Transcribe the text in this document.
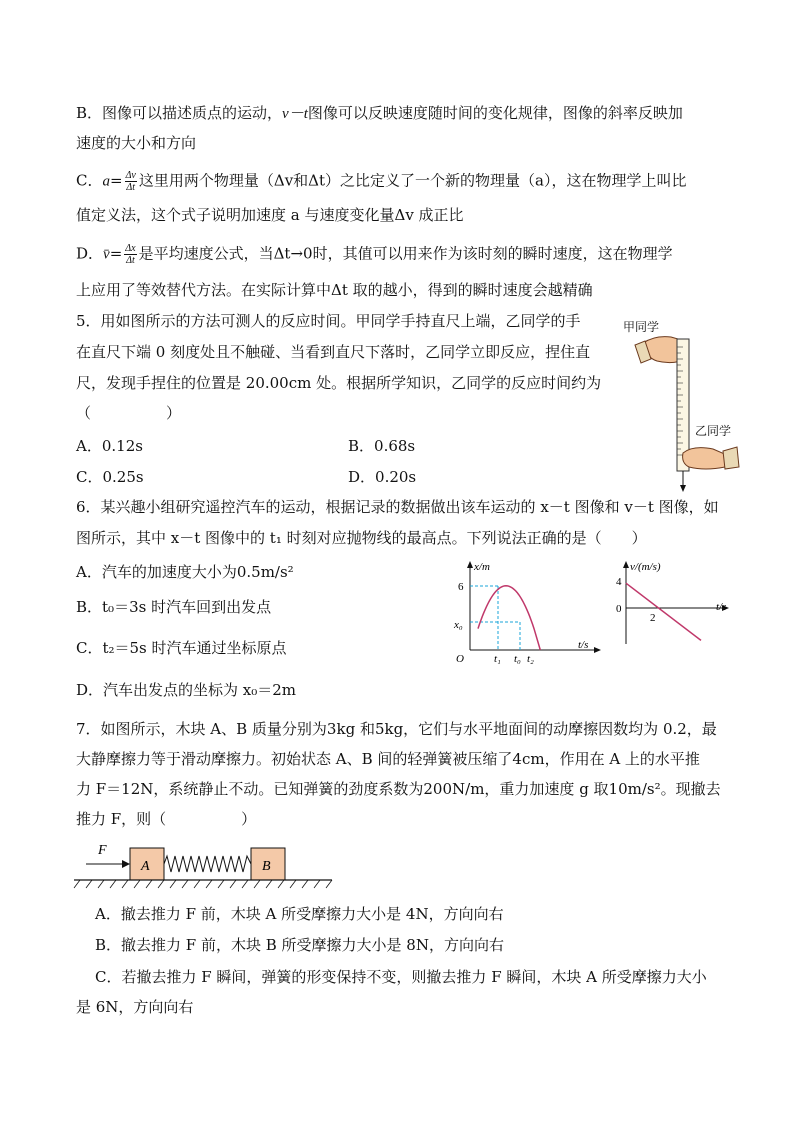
B．图像可以描述质点的运动，v－t图像可以反映速度随时间的变化规律，图像的斜率反映加
速度的大小和方向
C．$a= \frac{\Delta v}{\Delta t}$ 这里用两个物理量（Δv和Δt）之比定义了一个新的物理量（a），这在物理学上叫比
值定义法，这个式子说明加速度 a 与速度变化量Δv 成正比
D．v̄= $\frac{\Delta x}{\Delta t}$ 是平均速度公式，当Δt→0时，其值可以用来作为该时刻的瞬时速度，这在物理学
上应用了等效替代方法。在实际计算中Δt 取的越小，得到的瞬时速度会越精确
5．用如图所示的方法可测人的反应时间。甲同学手持直尺上端，乙同学的手
在直尺下端 0 刻度处且不触碰、当看到直尺下落时，乙同学立即反应，捏住直
尺，发现手捏住的位置是 20.00cm 处。根据所学知识，乙同学的反应时间约为
（　　　　　）
A．0.12s	B．0.68s
C．0.25s	D．0.20s
甲同学
乙同学
6．某兴趣小组研究遥控汽车的运动，根据记录的数据做出该车运动的 x－t 图像和 v－t 图像，如
图所示，其中 x－t 图像中的 t₁ 时刻对应抛物线的最高点。下列说法正确的是（　　）
A．汽车的加速度大小为0.5m/s²
B．t₀＝3s 时汽车回到出发点
C．t₂＝5s 时汽车通过坐标原点
D．汽车出发点的坐标为 x₀＝2m
x/m
t/s
O
6
x₀
t₁ t₀ t₂
v/(m/s)
t/s
0
4
2
7．如图所示，木块 A、B 质量分别为3kg 和5kg，它们与水平地面间的动摩擦因数均为 0.2，最
大静摩擦力等于滑动摩擦力。初始状态 A、B 间的轻弹簧被压缩了4cm，作用在 A 上的水平推
力 F＝12N，系统静止不动。已知弹簧的劲度系数为200N/m，重力加速度 g 取10m/s²。现撤去
推力 F，则（　　　　　）
F
A	B
A．撤去推力 F 前，木块 A 所受摩擦力大小是 4N，方向向右
B．撤去推力 F 前，木块 B 所受摩擦力大小是 8N，方向向右
C．若撤去推力 F 瞬间，弹簧的形变保持不变，则撤去推力 F 瞬间，木块 A 所受摩擦力大小
是 6N，方向向右
